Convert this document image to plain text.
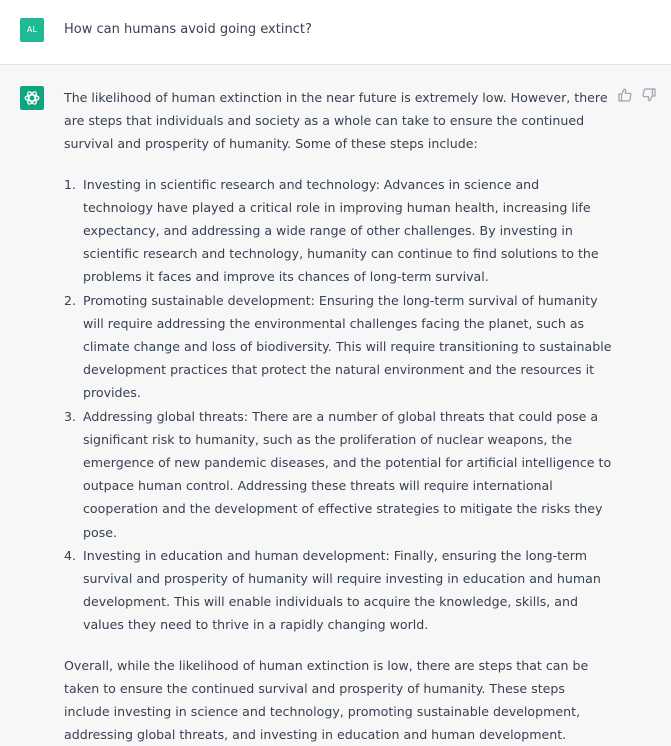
AL	How can humans avoid going extinct?

The likelihood of human extinction in the near future is extremely low. However, there are steps that individuals and society as a whole can take to ensure the continued survival and prosperity of humanity. Some of these steps include:

1. Investing in scientific research and technology: Advances in science and technology have played a critical role in improving human health, increasing life expectancy, and addressing a wide range of other challenges. By investing in scientific research and technology, humanity can continue to find solutions to the problems it faces and improve its chances of long-term survival.
2. Promoting sustainable development: Ensuring the long-term survival of humanity will require addressing the environmental challenges facing the planet, such as climate change and loss of biodiversity. This will require transitioning to sustainable development practices that protect the natural environment and the resources it provides.
3. Addressing global threats: There are a number of global threats that could pose a significant risk to humanity, such as the proliferation of nuclear weapons, the emergence of new pandemic diseases, and the potential for artificial intelligence to outpace human control. Addressing these threats will require international cooperation and the development of effective strategies to mitigate the risks they pose.
4. Investing in education and human development: Finally, ensuring the long-term survival and prosperity of humanity will require investing in education and human development. This will enable individuals to acquire the knowledge, skills, and values they need to thrive in a rapidly changing world.

Overall, while the likelihood of human extinction is low, there are steps that can be taken to ensure the continued survival and prosperity of humanity. These steps include investing in science and technology, promoting sustainable development, addressing global threats, and investing in education and human development.
